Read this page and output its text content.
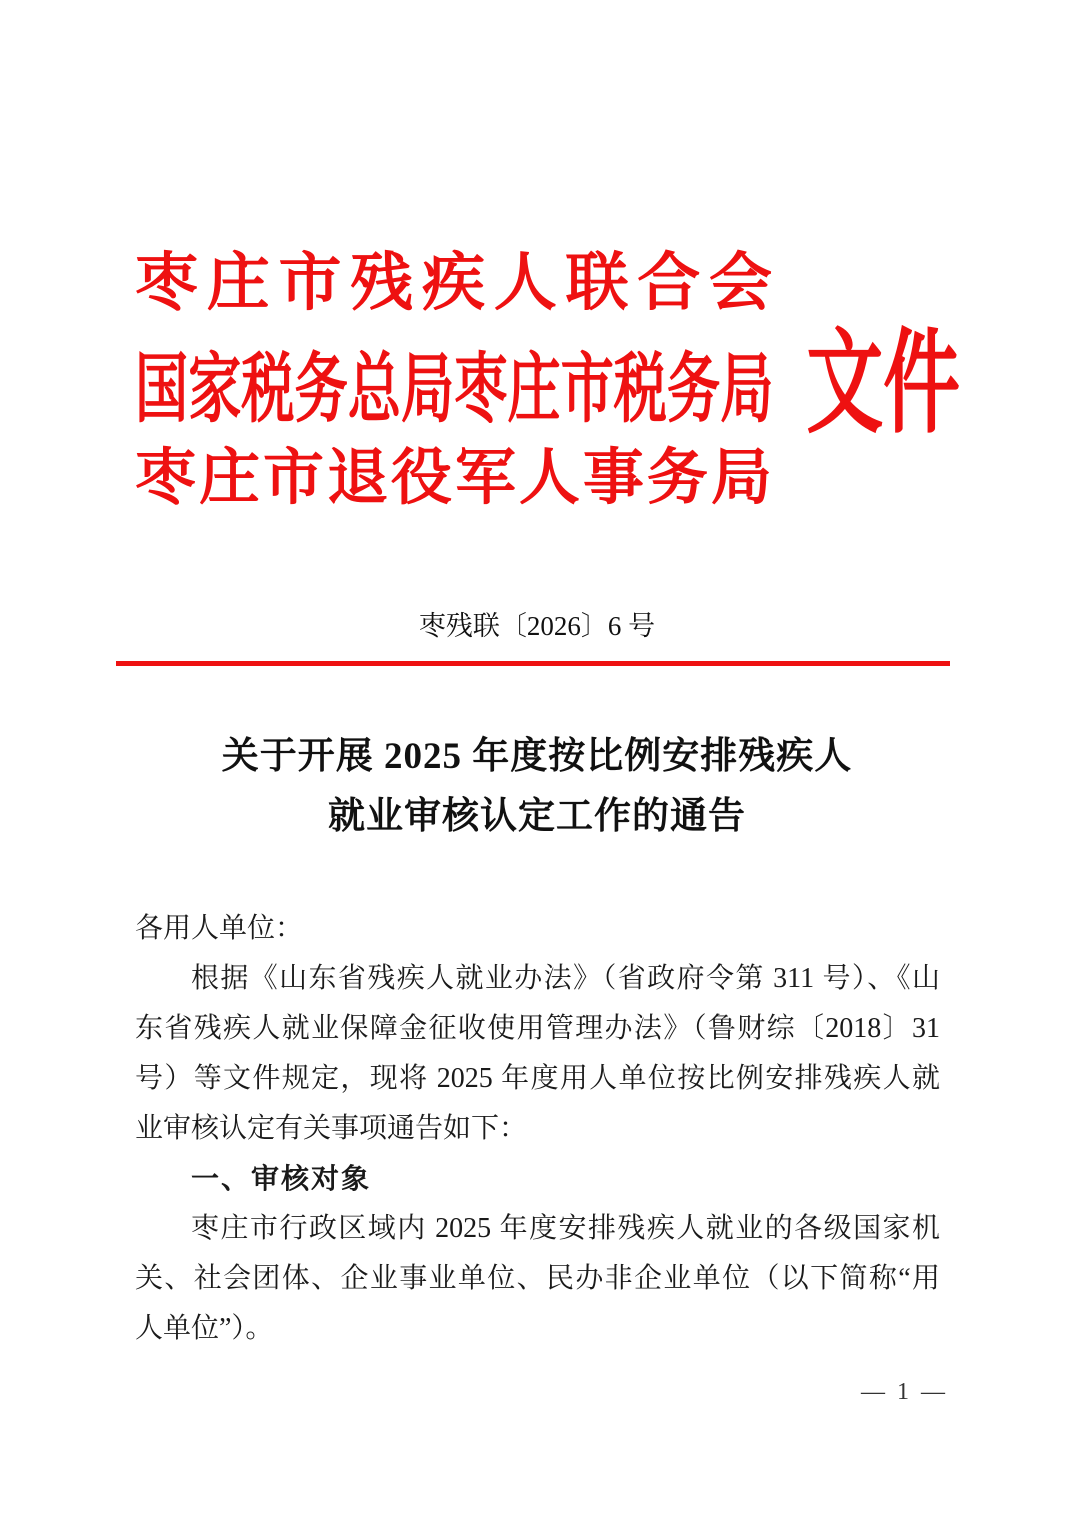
枣 庄 市 残 疾 人 联 合 会
国家税务总局枣庄市税务局
枣 庄 市 退 役 军 人 事 务 局
文件
枣残联〔2026〕6 号
关于开展 2025 年度按比例安排残疾人
就业审核认定工作的通告
各用人单位：
根据《山东省残疾人就业办法》（省政府令第 311 号）、《山
东省残疾人就业保障金征收使用管理办法》（鲁财综〔2018〕31
号）等文件规定，现将 2025 年度用人单位按比例安排残疾人就
业审核认定有关事项通告如下：
一、审核对象
枣庄市行政区域内 2025 年度安排残疾人就业的各级国家机
关、社会团体、企业事业单位、民办非企业单位（以下简称“用
人单位”）。
— 1 —
